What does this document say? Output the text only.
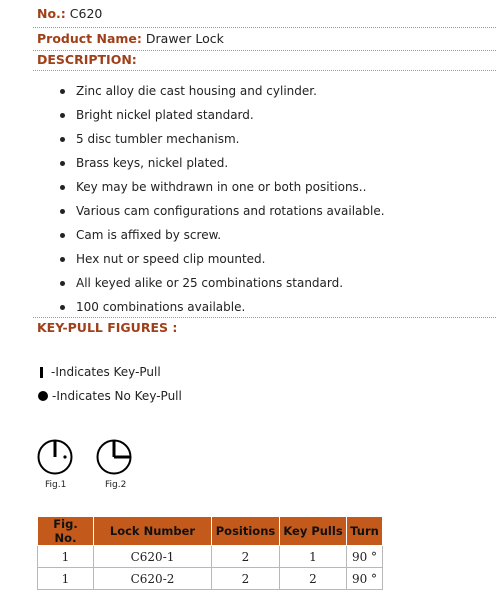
No.: C620
Product Name: Drawer Lock
DESCRIPTION:
Zinc alloy die cast housing and cylinder.
Bright nickel plated standard.
5 disc tumbler mechanism.
Brass keys, nickel plated.
Key may be withdrawn in one or both positions..
Various cam configurations and rotations available.
Cam is affixed by screw.
Hex nut or speed clip mounted.
All keyed alike or 25 combinations standard.
100 combinations available.
KEY-PULL FIGURES :
-Indicates Key-Pull
-Indicates No Key-Pull
Fig.1	Fig.2
Fig. No.	Lock Number	Positions	Key Pulls	Turn
1	C620-1	2	1	90 °
1	C620-2	2	2	90 °
